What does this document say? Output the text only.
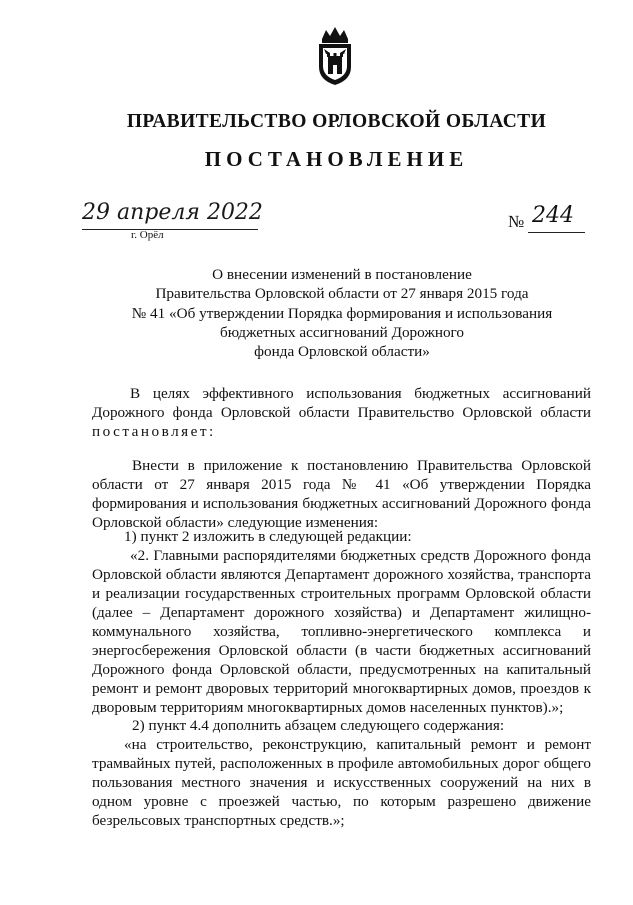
ПРАВИТЕЛЬСТВО ОРЛОВСКОЙ ОБЛАСТИ
ПОСТАНОВЛЕНИЕ
29 апреля 2022
г. Орёл
№ 244
О внесении изменений в постановление
Правительства Орловской области от 27 января 2015 года
№ 41 «Об утверждении Порядка формирования и использования
бюджетных ассигнований Дорожного
фонда Орловской области»

В целях эффективного использования бюджетных ассигнований Дорожного фонда Орловской области Правительство Орловской области постановляет:

Внести в приложение к постановлению Правительства Орловской области от 27 января 2015 года № 41 «Об утверждении Порядка формирования и использования бюджетных ассигнований Дорожного фонда Орловской области» следующие изменения:

1) пункт 2 изложить в следующей редакции:

«2. Главными распорядителями бюджетных средств Дорожного фонда Орловской области являются Департамент дорожного хозяйства, транспорта и реализации государственных строительных программ Орловской области (далее – Департамент дорожного хозяйства) и Департамент жилищно-коммунального хозяйства, топливно-энергетического комплекса и энергосбережения Орловской области (в части бюджетных ассигнований Дорожного фонда Орловской области, предусмотренных на капитальный ремонт и ремонт дворовых территорий многоквартирных домов, проездов к дворовым территориям многоквартирных домов населенных пунктов).»;

2) пункт 4.4 дополнить абзацем следующего содержания:

«на строительство, реконструкцию, капитальный ремонт и ремонт трамвайных путей, расположенных в профиле автомобильных дорог общего пользования местного значения и искусственных сооружений на них в одном уровне с проезжей частью, по которым разрешено движение безрельсовых транспортных средств.»;
